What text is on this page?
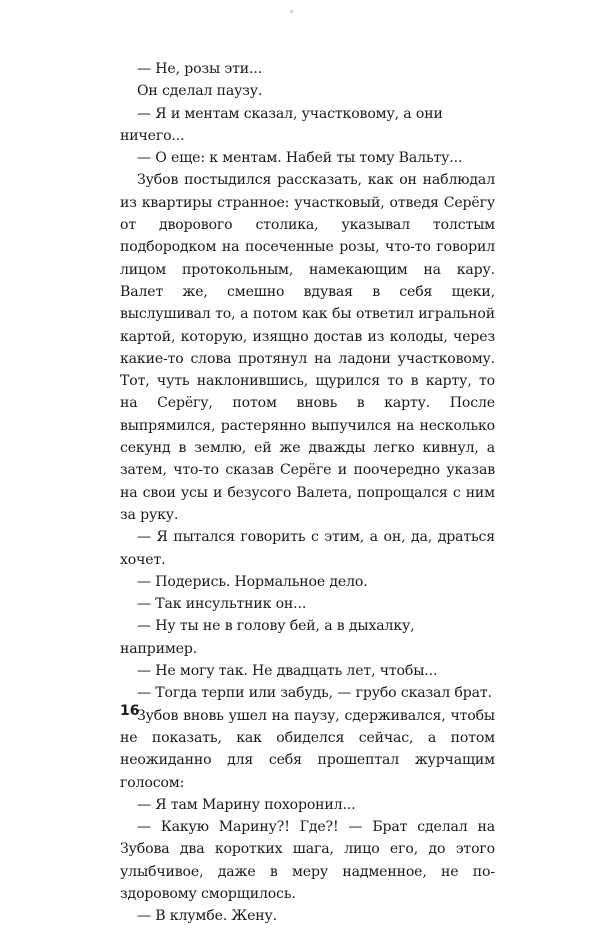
— Не, розы эти...

Он сделал паузу.

— Я и ментам сказал, участковому, а они ничего...

— О еще: к ментам. Набей ты тому Вальту...

Зубов постыдился рассказать, как он наблюдал из квартиры странное: участковый, отведя Серёгу от дворового столика, указывал толстым подбородком на посеченные розы, что-то говорил лицом протокольным, намекающим на кару. Валет же, смешно вдувая в себя щеки, выслушивал то, а потом как бы ответил игральной картой, которую, изящно достав из колоды, через какие-то слова протянул на ладони участковому. Тот, чуть наклонившись, щурился то в карту, то на Серёгу, потом вновь в карту. После выпрямился, растерянно выпучился на несколько секунд в землю, ей же дважды легко кивнул, а затем, что-то сказав Серёге и поочередно указав на свои усы и безусого Валета, попрощался с ним за руку.

— Я пытался говорить с этим, а он, да, драться хочет.

— Подерись. Нормальное дело.

— Так инсультник он...

— Ну ты не в голову бей, а в дыхалку, например.

— Не могу так. Не двадцать лет, чтобы...

— Тогда терпи или забудь, — грубо сказал брат.

Зубов вновь ушел на паузу, сдерживался, чтобы не показать, как обиделся сейчас, а потом неожиданно для себя прошептал журчащим голосом:

— Я там Марину похоронил...

— Какую Марину?! Где?! — Брат сделал на Зубова два коротких шага, лицо его, до этого улыбчивое, даже в меру надменное, не по-здоровому сморщилось.

— В клумбе. Жену.

16
